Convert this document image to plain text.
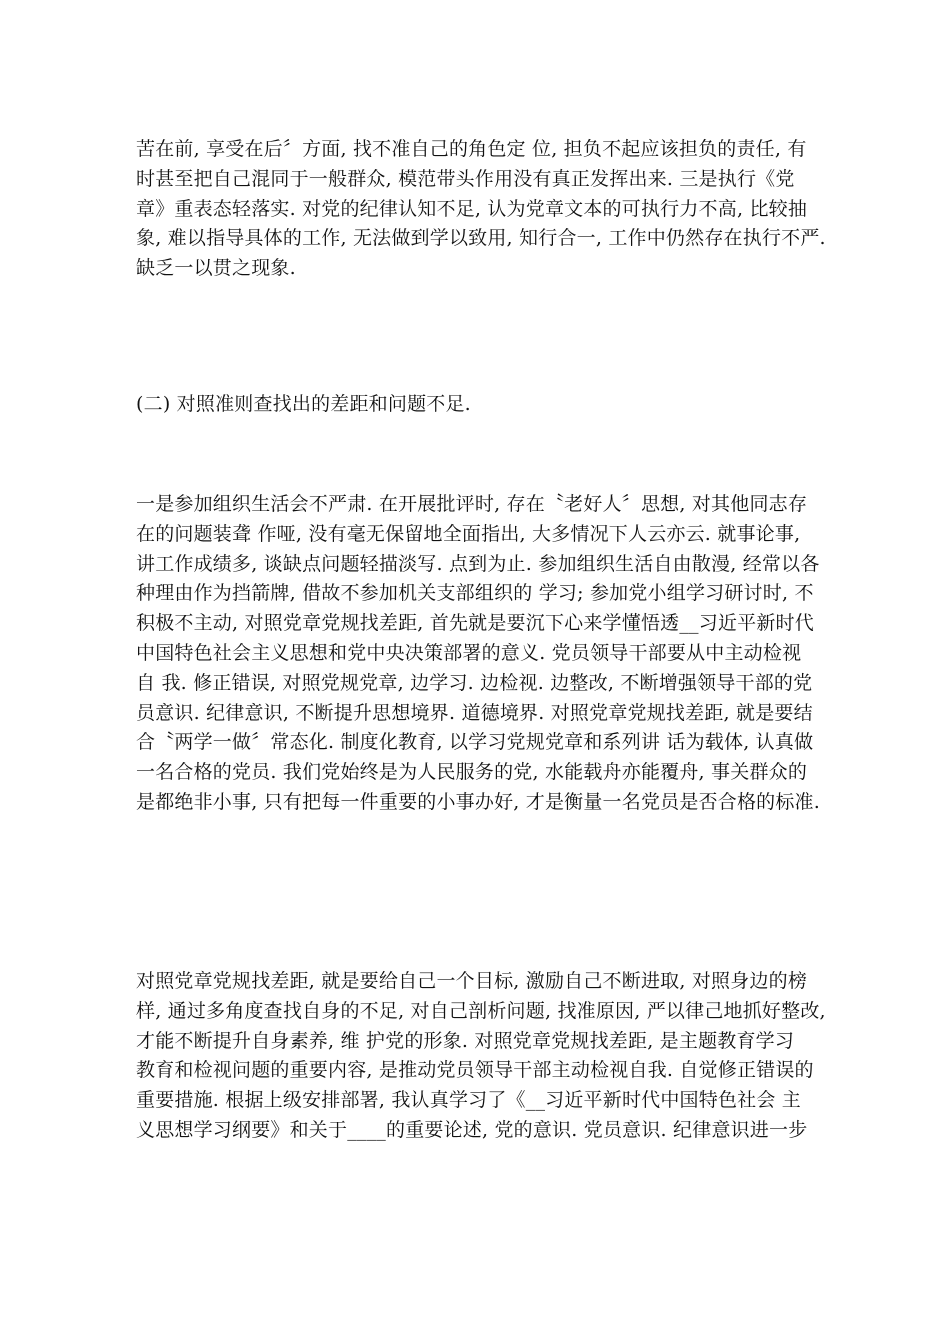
苦在前, 享受在后〞方面, 找不准自己的角色定 位, 担负不起应该担负的责任, 有
时甚至把自己混同于一般群众, 模范带头作用没有真正发挥出来. 三是执行《党
章》重表态轻落实. 对党的纪律认知不足, 认为党章文本的可执行力不高, 比较抽
象, 难以指导具体的工作, 无法做到学以致用, 知行合一, 工作中仍然存在执行不严.
缺乏一以贯之现象.
(二) 对照准则查找出的差距和问题不足.
一是参加组织生活会不严肃. 在开展批评时, 存在〝老好人〞思想, 对其他同志存
在的问题装聋 作哑, 没有毫无保留地全面指出, 大多情况下人云亦云. 就事论事,
讲工作成绩多, 谈缺点问题轻描淡写. 点到为止. 参加组织生活自由散漫, 经常以各
种理由作为挡箭牌, 借故不参加机关支部组织的 学习; 参加党小组学习研讨时, 不
积极不主动, 对照党章党规找差距, 首先就是要沉下心来学懂悟透__习近平新时代
中国特色社会主义思想和党中央决策部署的意义. 党员领导干部要从中主动检视
自 我. 修正错误, 对照党规党章, 边学习. 边检视. 边整改, 不断增强领导干部的党
员意识. 纪律意识, 不断提升思想境界. 道德境界. 对照党章党规找差距, 就是要结
合〝两学一做〞常态化. 制度化教育, 以学习党规党章和系列讲 话为载体, 认真做
一名合格的党员. 我们党始终是为人民服务的党, 水能载舟亦能覆舟, 事关群众的
是都绝非小事, 只有把每一件重要的小事办好, 才是衡量一名党员是否合格的标准.
对照党章党规找差距, 就是要给自己一个目标, 激励自己不断进取, 对照身边的榜
样, 通过多角度查找自身的不足, 对自己剖析问题, 找准原因, 严以律己地抓好整改,
才能不断提升自身素养, 维 护党的形象. 对照党章党规找差距, 是主题教育学习
教育和检视问题的重要内容, 是推动党员领导干部主动检视自我. 自觉修正错误的
重要措施. 根据上级安排部署, 我认真学习了《__习近平新时代中国特色社会 主
义思想学习纲要》和关于____的重要论述, 党的意识. 党员意识. 纪律意识进一步
